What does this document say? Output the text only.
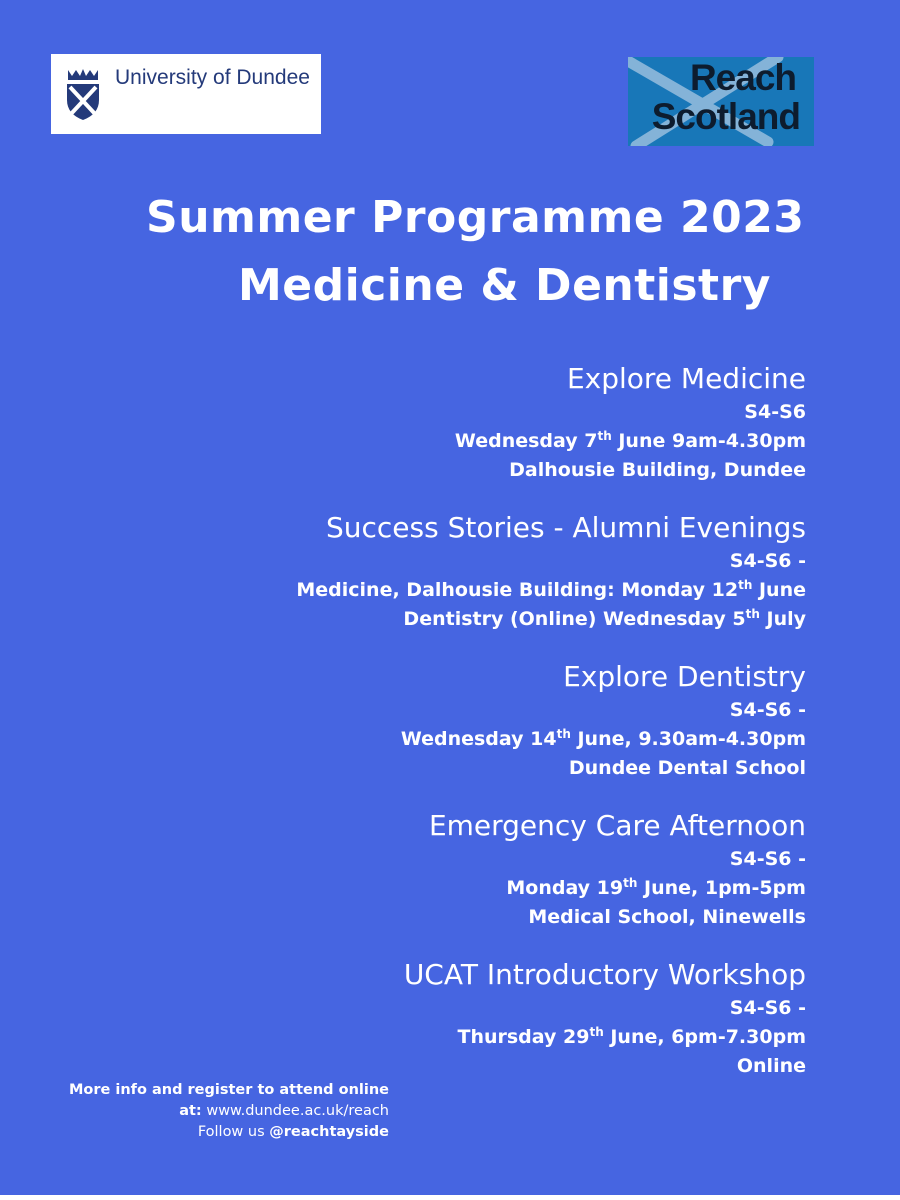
University of Dundee	Reach
Scotland
Summer Programme 2023
Medicine & Dentistry
Explore Medicine
S4-S6
Wednesday 7th June 9am-4.30pm
Dalhousie Building, Dundee
Success Stories - Alumni Evenings
S4-S6 -
Medicine, Dalhousie Building: Monday 12th June
Dentistry (Online) Wednesday 5th July
Explore Dentistry
S4-S6 -
Wednesday 14th June, 9.30am-4.30pm
Dundee Dental School
Emergency Care Afternoon
S4-S6 -
Monday 19th June, 1pm-5pm
Medical School, Ninewells
UCAT Introductory Workshop
S4-S6 -
Thursday 29th June, 6pm-7.30pm
Online
More info and register to attend online
at: www.dundee.ac.uk/reach
Follow us @reachtayside
